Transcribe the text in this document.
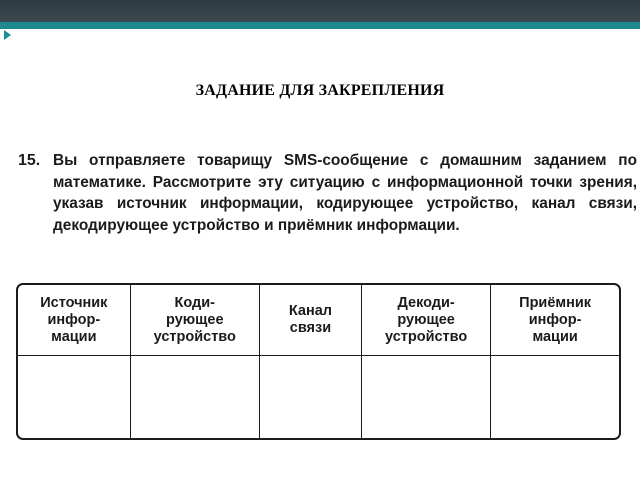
ЗАДАНИЕ ДЛЯ ЗАКРЕПЛЕНИЯ
15. Вы отправляете товарищу SMS-сообщение с домашним заданием по математике. Рассмотрите эту ситуацию с информационной точки зрения, указав источник информации, кодирующее устройство, канал связи, декодирующее устройство и приёмник информации.
Источник
инфор-
мации	Коди-
рующее
устройство	Канал
связи	Декоди-
рующее
устройство	Приёмник
инфор-
мации
